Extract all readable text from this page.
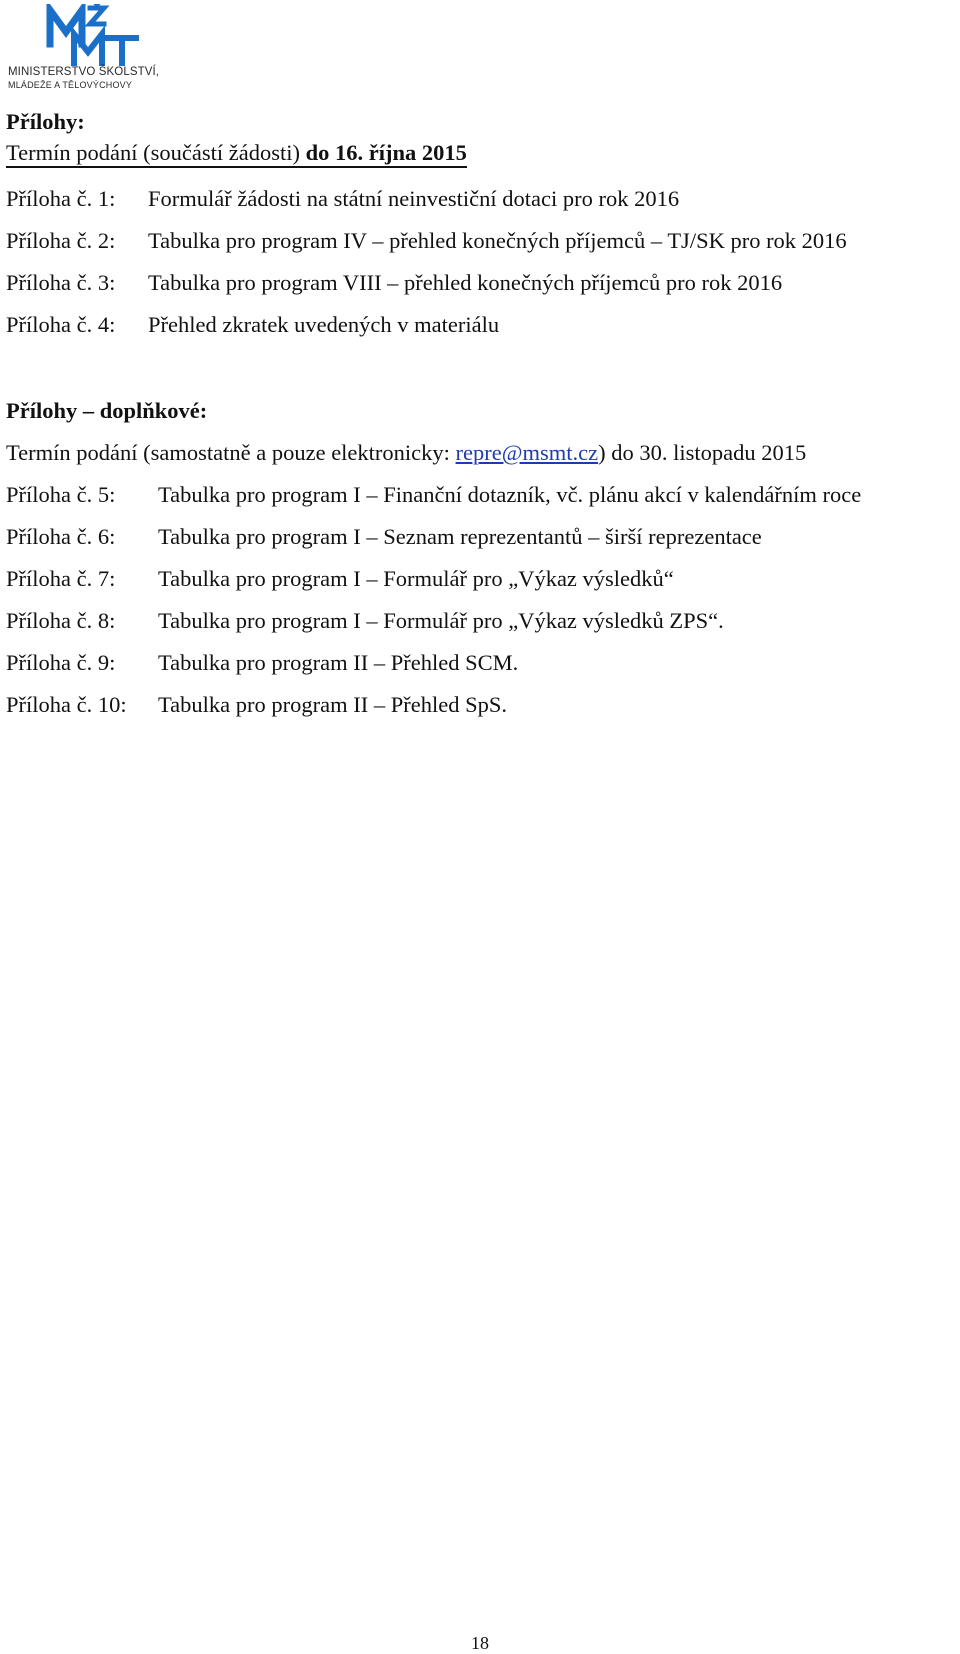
MINISTERSTVO ŠKOLSTVÍ,
MLÁDEŽE A TĚLOVÝCHOVY
Přílohy:
Termín podání (součástí žádosti) do 16. října 2015
Příloha č. 1:	Formulář žádosti na státní neinvestiční dotaci pro rok 2016
Příloha č. 2:	Tabulka pro program IV – přehled konečných příjemců – TJ/SK pro rok 2016
Příloha č. 3:	Tabulka pro program VIII – přehled konečných příjemců pro rok 2016
Příloha č. 4:	Přehled zkratek uvedených v materiálu
Přílohy – doplňkové:
Termín podání (samostatně a pouze elektronicky: repre@msmt.cz) do 30. listopadu 2015
Příloha č. 5:	Tabulka pro program I – Finanční dotazník, vč. plánu akcí v kalendářním roce
Příloha č. 6:	Tabulka pro program I – Seznam reprezentantů – širší reprezentace
Příloha č. 7:	Tabulka pro program I – Formulář pro „Výkaz výsledků“
Příloha č. 8:	Tabulka pro program I – Formulář pro „Výkaz výsledků ZPS“.
Příloha č. 9:	Tabulka pro program II – Přehled SCM.
Příloha č. 10:	Tabulka pro program II – Přehled SpS.
18
